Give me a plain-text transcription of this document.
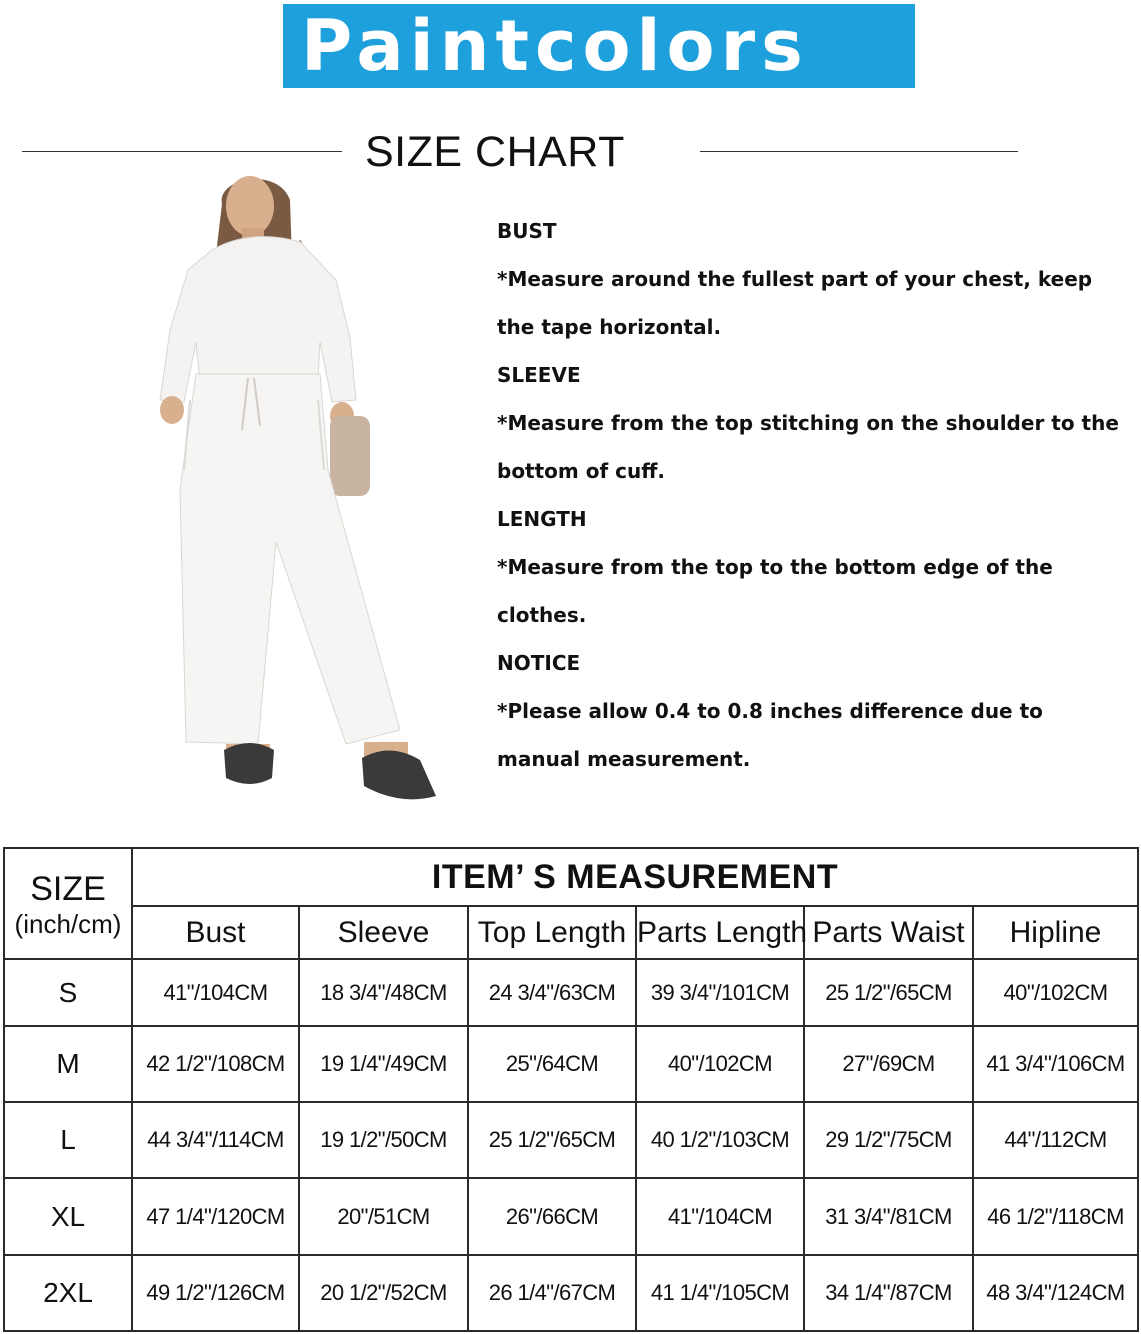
Paintcolors
SIZE CHART

BUST

*Measure around the fullest part of your chest, keep the tape horizontal.

SLEEVE

*Measure from the top stitching on the shoulder to the bottom of cuff.

LENGTH

*Measure from the top to the bottom edge of the clothes.

NOTICE

*Please allow 0.4 to 0.8 inches difference due to manual measurement.

SIZE
(inch/cm)	ITEM’ S MEASUREMENT					
	Bust	Sleeve	Top Length	Parts Length	Parts Waist	Hipline
S	41"/104CM	18 3/4"/48CM	24 3/4"/63CM	39 3/4"/101CM	25 1/2"/65CM	40"/102CM
M	42 1/2"/108CM	19 1/4"/49CM	25"/64CM	40"/102CM	27"/69CM	41 3/4"/106CM
L	44 3/4"/114CM	19 1/2"/50CM	25 1/2"/65CM	40 1/2"/103CM	29 1/2"/75CM	44"/112CM
XL	47 1/4"/120CM	20"/51CM	26"/66CM	41"/104CM	31 3/4"/81CM	46 1/2"/118CM
2XL	49 1/2"/126CM	20 1/2"/52CM	26 1/4"/67CM	41 1/4"/105CM	34 1/4"/87CM	48 3/4"/124CM
